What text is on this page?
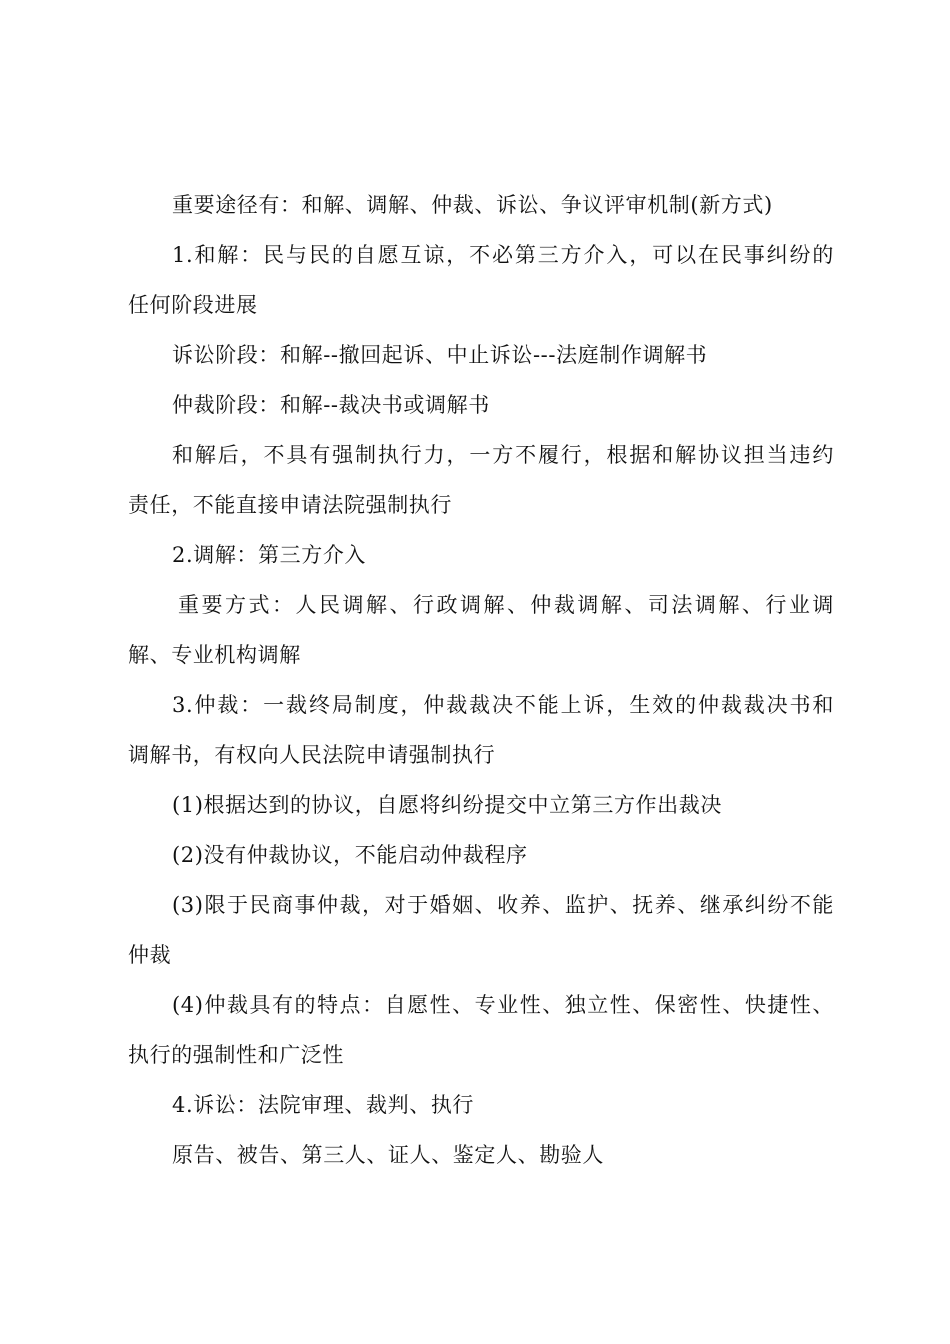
重要途径有：和解、调解、仲裁、诉讼、争议评审机制(新方式)
1.和解：民与民的自愿互谅，不必第三方介入，可以在民事纠纷的
任何阶段进展
诉讼阶段：和解--撤回起诉、中止诉讼---法庭制作调解书
仲裁阶段：和解--裁决书或调解书
和解后，不具有强制执行力，一方不履行，根据和解协议担当违约
责任，不能直接申请法院强制执行
2.调解：第三方介入
重要方式：人民调解、行政调解、仲裁调解、司法调解、行业调
解、专业机构调解
3.仲裁：一裁终局制度，仲裁裁决不能上诉，生效的仲裁裁决书和
调解书，有权向人民法院申请强制执行
(1)根据达到的协议，自愿将纠纷提交中立第三方作出裁决
(2)没有仲裁协议，不能启动仲裁程序
(3)限于民商事仲裁，对于婚姻、收养、监护、抚养、继承纠纷不能
仲裁
(4)仲裁具有的特点：自愿性、专业性、独立性、保密性、快捷性、
执行的强制性和广泛性
4.诉讼：法院审理、裁判、执行
原告、被告、第三人、证人、鉴定人、勘验人
